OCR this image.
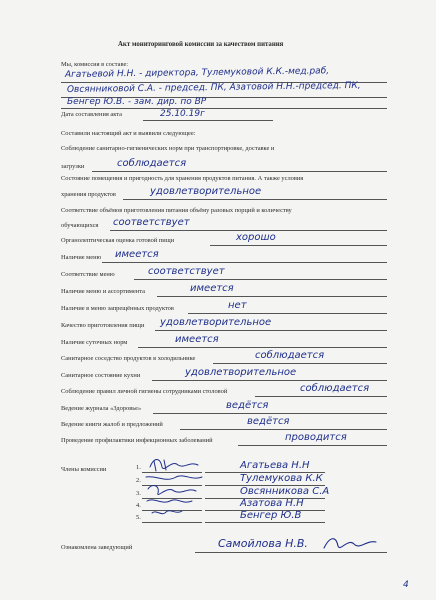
Акт мониторинговой комиссии за качеством питания
Мы, комиссия в составе:
Агатьевой Н.Н. - директора, Тулемуковой К.К.-мед.раб,
Овсянниковой С.А. - председ. ПК, Азатовой Н.Н.-председ. ПК,
Бенгер Ю.В. - зам. дир. по ВР
Дата составления акта	25.10.19г
Составили настоящий акт и выявили следующее:
Соблюдение санитарно-гигиенических норм при транспортировке, доставке и
загрузки	соблюдается
Состояние помещения и пригодность для хранения продуктов питания. А также условия
хранения продуктов	удовлетворительное
Соответствие объёмов приготовления питания объёму разовых порций и количеству
обучающихся соответствует
Органолептическая оценка готовой пищи	хорошо
Наличие меню имеется
Соответствие меню	соответствует
Наличие меню и ассортимента	имеется
Наличие в меню запрещённых продуктов	нет
Качество приготовления пищи удовлетворительное
Наличие суточных норм	имеется
Санитарное соседство продуктов в холодильнике	соблюдается
Санитарное состояние кухни	удовлетворительное
Соблюдение правил личной гигиены сотрудниками столовой	соблюдается
Ведение журнала «Здоровье»	ведётся
Ведение книги жалоб и предложений	ведётся
Проведение профилактики инфекционных заболеваний	проводится
Члены комиссии	1.	Агатьева Н.Н
2.	Тулемукова К.К
3.	Овсянникова С.А
4.	Азатова Н.Н
5.	Бенгер Ю.В
Ознакомлена заведующий	Самойлова Н.В.
4
